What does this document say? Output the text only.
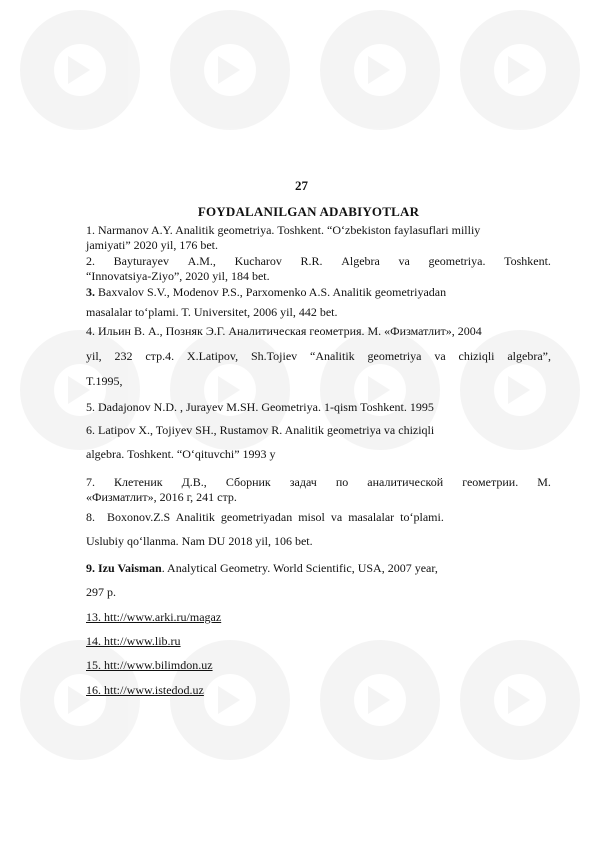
27
FOYDALANILGAN ADABIYOTLAR
1. Narmanov A.Y. Analitik geometriya. Toshkent. “O‘zbekiston faylasuflari milliy
jamiyati” 2020 yil, 176 bet.
2. Bayturayev A.M., Kucharov R.R. Algebra va geometriya. Toshkent.
“Innovatsiya-Ziyo”, 2020 yil, 184 bet.
3. Baxvalov S.V., Modenov P.S., Parxomenko A.S. Analitik geometriyadan
masalalar to‘plami. T. Universitet, 2006 yil, 442 bet.
4. Ильин В. А., Позняк Э.Г. Аналитическая геометрия. М. «Физматлит», 2004
yil, 232 стр.4. X.Latipov, Sh.Tojiev “Analitik geometriya va chiziqli algebra”,
T.1995,
5. Dadajonov N.D. , Jurayev M.SH. Geometriya. 1-qism Toshkent. 1995
6. Latipov X., Tojiyev SH., Rustamov R. Analitik geometriya va chiziqli
algebra. Toshkent. “O‘qituvchi” 1993 y
7. Клетеник Д.В., Сборник задач по аналитической геометрии. М.
«Физматлит», 2016 г, 241 стр.
8.    Boxonov.Z.S  Analitik  geometriyadan  misol  va  masalalar  to‘plami.
Uslubiy qo‘llanma. Nam DU 2018 yil, 106 bet.
9. Izu Vaisman. Analytical Geometry. World Scientific, USA, 2007 year,
297 p.
13. htt://www.arki.ru/magaz
14. htt://www.lib.ru
15. htt://www.bilimdon.uz
16. htt://www.istedod.uz
